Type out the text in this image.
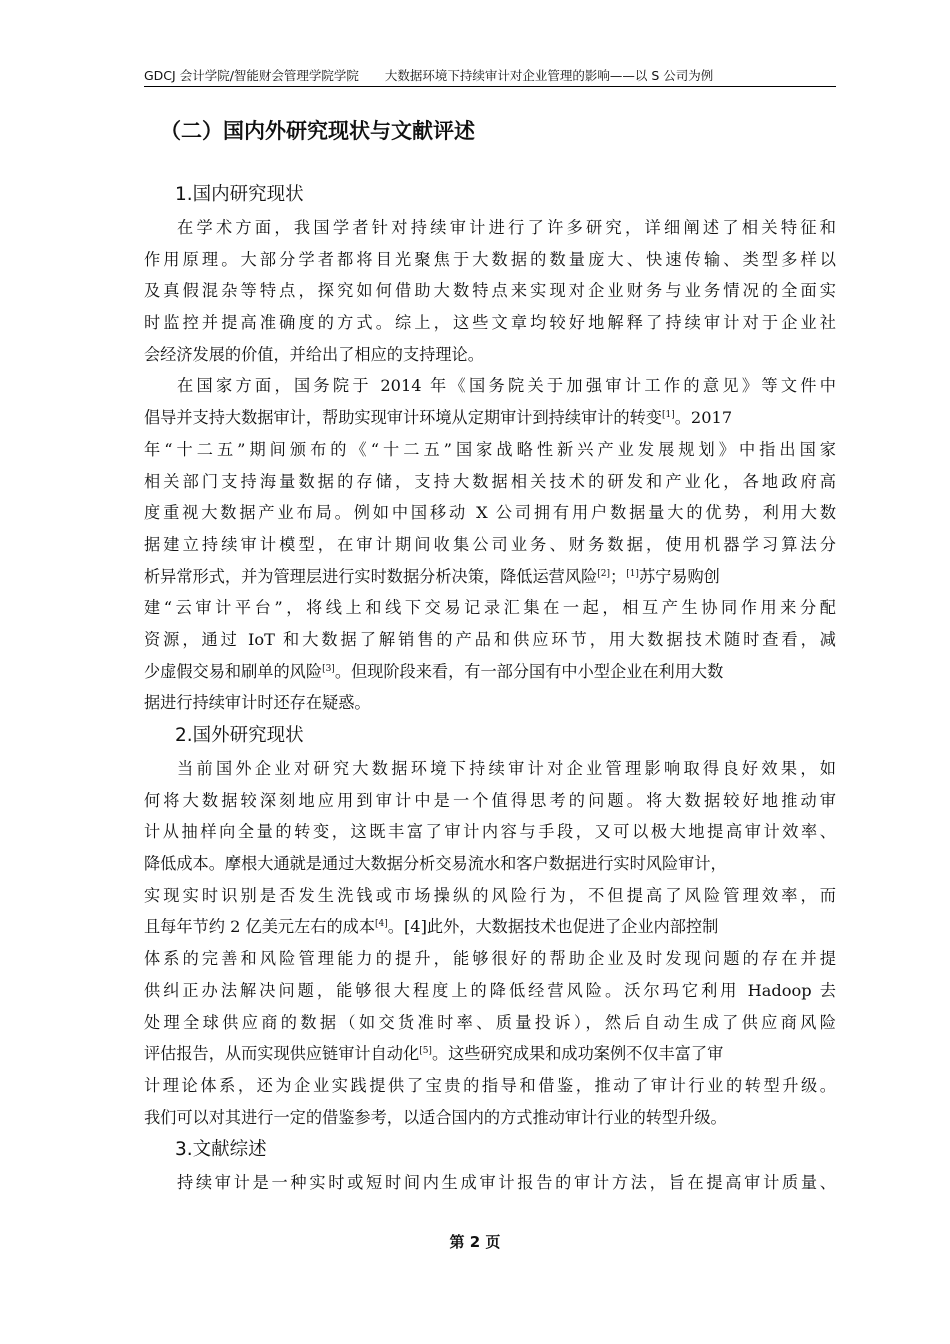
GDCJ 会计学院/智能财会管理学院学院 大数据环境下持续审计对企业管理的影响——以 S 公司为例
（二）国内外研究现状与文献评述
1.国内研究现状
在学术方面，我国学者针对持续审计进行了许多研究，详细阐述了相关特征和
作用原理。大部分学者都将目光聚焦于大数据的数量庞大、快速传输、类型多样以
及真假混杂等特点，探究如何借助大数特点来实现对企业财务与业务情况的全面实
时监控并提高准确度的方式。综上，这些文章均较好地解释了持续审计对于企业社
会经济发展的价值，并给出了相应的支持理论。
在国家方面，国务院于 2014 年《国务院关于加强审计工作的意见》等文件中
倡导并支持大数据审计，帮助实现审计环境从定期审计到持续审计的转变[1]。2017
年“十二五”期间颁布的《“十二五”国家战略性新兴产业发展规划》中指出国家
相关部门支持海量数据的存储，支持大数据相关技术的研发和产业化，各地政府高
度重视大数据产业布局。例如中国移动 X 公司拥有用户数据量大的优势，利用大数
据建立持续审计模型，在审计期间收集公司业务、财务数据，使用机器学习算法分
析异常形式，并为管理层进行实时数据分析决策，降低运营风险[2]；[1]苏宁易购创
建“云审计平台”，将线上和线下交易记录汇集在一起，相互产生协同作用来分配
资源，通过 IoT 和大数据了解销售的产品和供应环节，用大数据技术随时查看，减
少虚假交易和刷单的风险[3]。但现阶段来看，有一部分国有中小型企业在利用大数
据进行持续审计时还存在疑惑。
2.国外研究现状
当前国外企业对研究大数据环境下持续审计对企业管理影响取得良好效果，如
何将大数据较深刻地应用到审计中是一个值得思考的问题。将大数据较好地推动审
计从抽样向全量的转变，这既丰富了审计内容与手段，又可以极大地提高审计效率、
降低成本。摩根大通就是通过大数据分析交易流水和客户数据进行实时风险审计，
实现实时识别是否发生洗钱或市场操纵的风险行为，不但提高了风险管理效率，而
且每年节约 2 亿美元左右的成本[4]。[4]此外，大数据技术也促进了企业内部控制
体系的完善和风险管理能力的提升，能够很好的帮助企业及时发现问题的存在并提
供纠正办法解决问题，能够很大程度上的降低经营风险。沃尔玛它利用 Hadoop 去
处理全球供应商的数据（如交货准时率、质量投诉），然后自动生成了供应商风险
评估报告，从而实现供应链审计自动化[5]。这些研究成果和成功案例不仅丰富了审
计理论体系，还为企业实践提供了宝贵的指导和借鉴，推动了审计行业的转型升级。
我们可以对其进行一定的借鉴参考，以适合国内的方式推动审计行业的转型升级。
3.文献综述
持续审计是一种实时或短时间内生成审计报告的审计方法，旨在提高审计质量、
第 2 页
